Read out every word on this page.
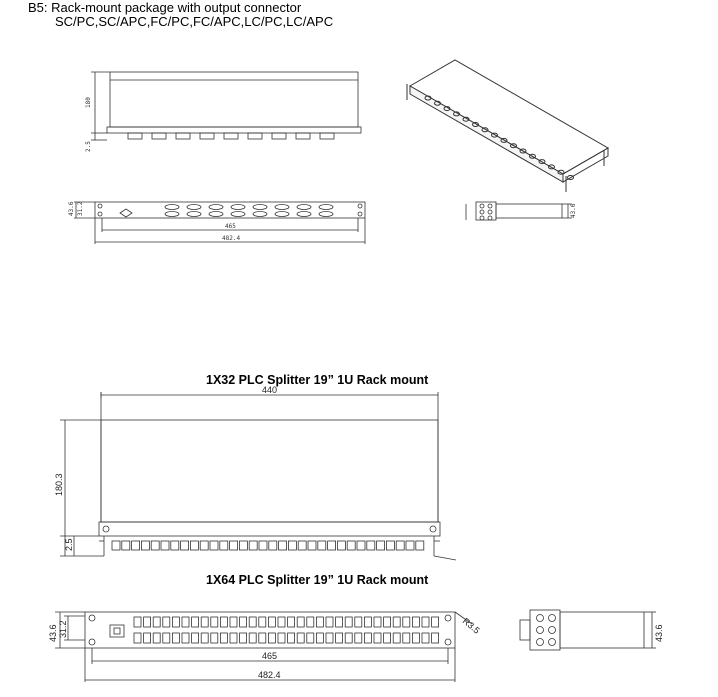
B5: Rack-mount package with output connector
SC/PC,SC/APC,FC/PC,FC/APC,LC/PC,LC/APC
1X32 PLC Splitter 19” 1U Rack mount
1X64 PLC Splitter 19” 1U Rack mount
180
2.5
43.6 31.2
465
482.4
43.6
440
180.3
2.5
43.6 31.2
465
482.4
R3.5	43.6
